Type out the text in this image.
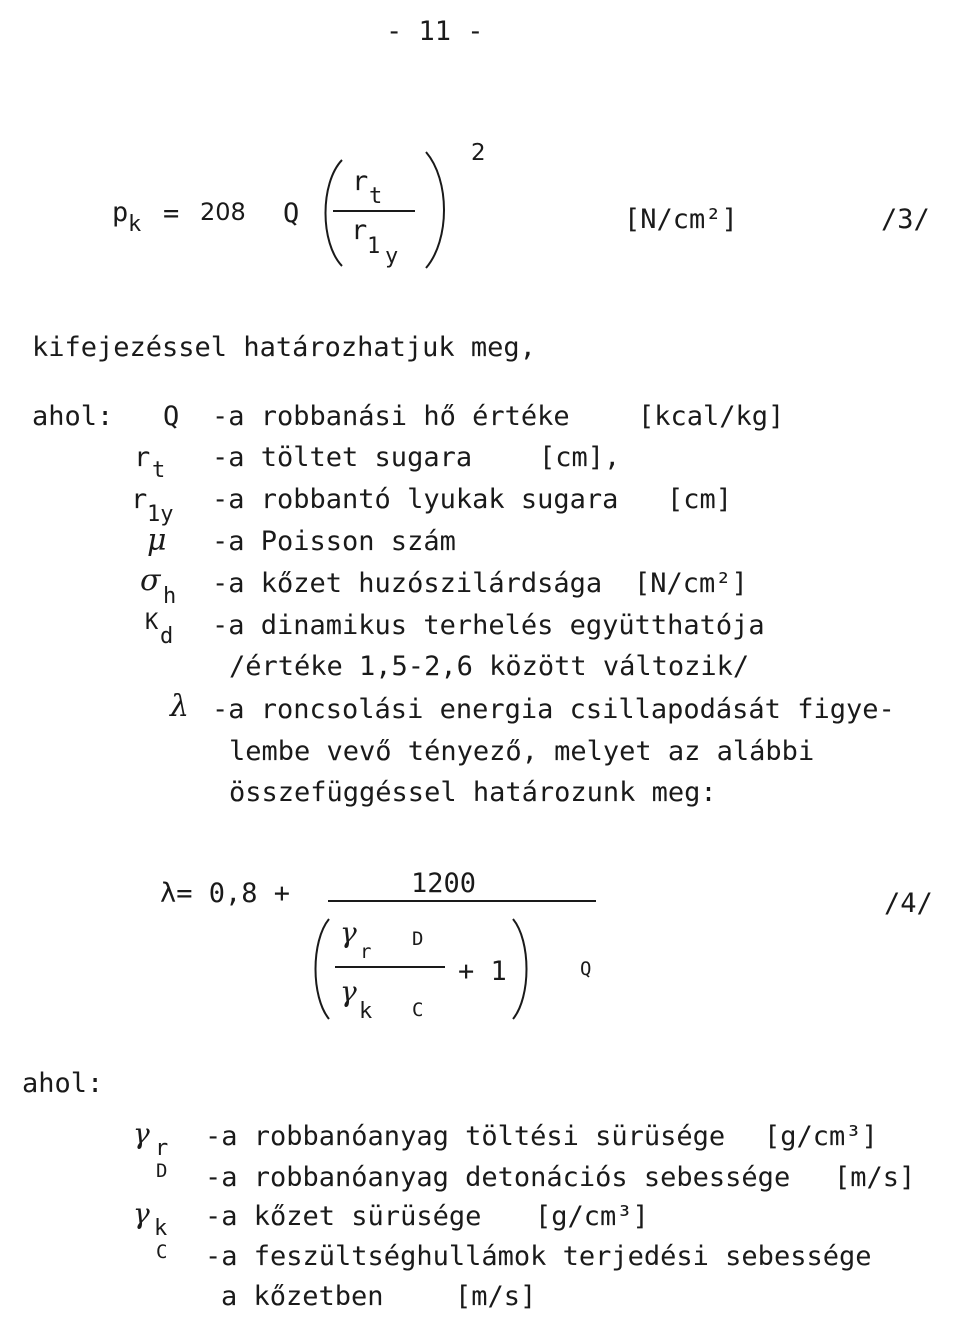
- 11 -
p k = 208 Q
r t
r
1 y
2
[N/cm²]	/3/
kifejezéssel határozhatjuk meg,
ahol: Q -a robbanási hő értéke	[kcal/kg]
r t -a töltet sugara [cm],
r 1y -a robbantó lyukak sugara [cm]
μ -a Poisson szám
σ h -a kőzet huzószilárdsága [N/cm²]
K
d -a dinamikus terhelés együtthatója
/értéke 1,5-2,6 között változik/
λ -a roncsolási energia csillapodását figye-
lembe vevő tényező, melyet az alábbi
összefüggéssel határozunk meg:
λ= 0,8 +	1200
γ
r
D
γ
k C
+ 1	Q
/4/
ahol:
γ r -a robbanóanyag töltési sürüsége [g/cm³]
D -a robbanóanyag detonációs sebessége [m/s]
γ k -a kőzet sürüsége [g/cm³]
C -a feszültséghullámok terjedési sebessége
a kőzetben	[m/s]
